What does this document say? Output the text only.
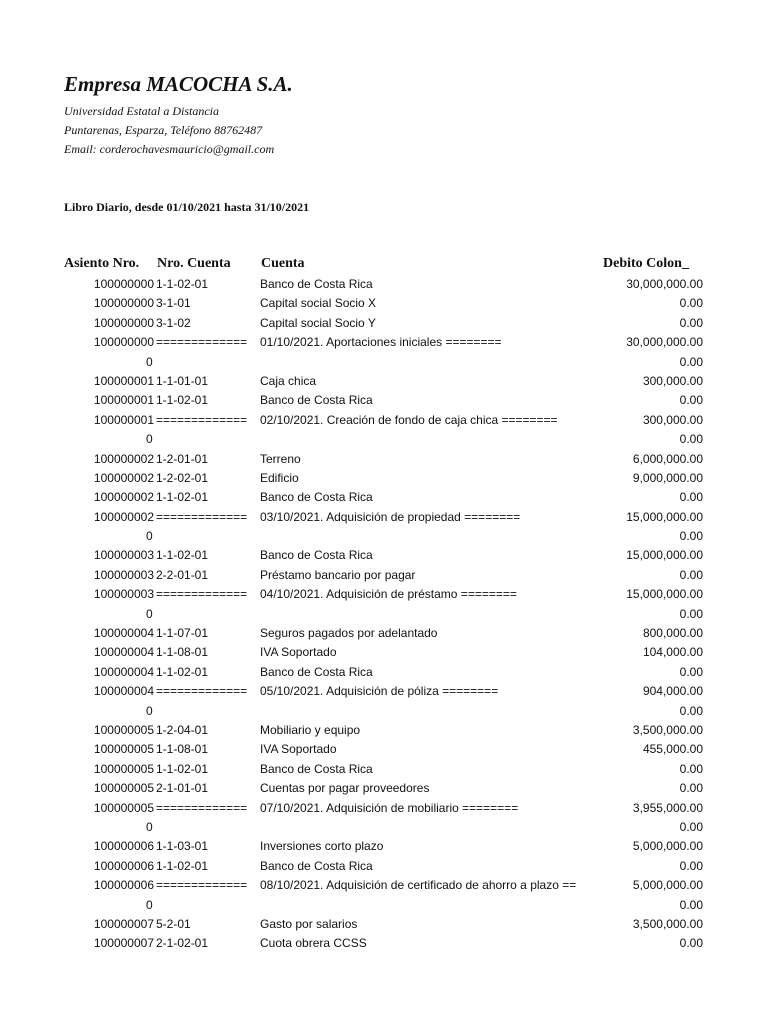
Empresa MACOCHA S.A.
Universidad Estatal a Distancia
Puntarenas, Esparza, Teléfono 88762487
Email: corderochavesmauricio@gmail.com
Libro Diario, desde 01/10/2021 hasta 31/10/2021
Asiento Nro. Nro. Cuenta Cuenta	Debito Colon_
100000000 1-1-02-01	Banco de Costa Rica	30,000,000.00
100000000 3-1-01	Capital social Socio X	0.00
100000000 3-1-02	Capital social Socio Y	0.00
100000000 ============= 01/10/2021. Aportaciones iniciales ========	30,000,000.00
0	0.00
100000001 1-1-01-01	Caja chica	300,000.00
100000001 1-1-02-01	Banco de Costa Rica	0.00
100000001 ============= 02/10/2021. Creación de fondo de caja chica ========	300,000.00
0	0.00
100000002 1-2-01-01	Terreno	6,000,000.00
100000002 1-2-02-01	Edificio	9,000,000.00
100000002 1-1-02-01	Banco de Costa Rica	0.00
100000002 ============= 03/10/2021. Adquisición de propiedad ========	15,000,000.00
0	0.00
100000003 1-1-02-01	Banco de Costa Rica	15,000,000.00
100000003 2-2-01-01	Préstamo bancario por pagar	0.00
100000003 ============= 04/10/2021. Adquisición de préstamo ========	15,000,000.00
0	0.00
100000004 1-1-07-01	Seguros pagados por adelantado	800,000.00
100000004 1-1-08-01	IVA Soportado	104,000.00
100000004 1-1-02-01	Banco de Costa Rica	0.00
100000004 ============= 05/10/2021. Adquisición de póliza ========	904,000.00
0	0.00
100000005 1-2-04-01	Mobiliario y equipo	3,500,000.00
100000005 1-1-08-01	IVA Soportado	455,000.00
100000005 1-1-02-01	Banco de Costa Rica	0.00
100000005 2-1-01-01	Cuentas por pagar proveedores	0.00
100000005 ============= 07/10/2021. Adquisición de mobiliario ========	3,955,000.00
0	0.00
100000006 1-1-03-01	Inversiones corto plazo	5,000,000.00
100000006 1-1-02-01	Banco de Costa Rica	0.00
100000006 ============= 08/10/2021. Adquisición de certificado de ahorro a plazo ==	5,000,000.00
0	0.00
100000007 5-2-01	Gasto por salarios	3,500,000.00
100000007 2-1-02-01	Cuota obrera CCSS	0.00
